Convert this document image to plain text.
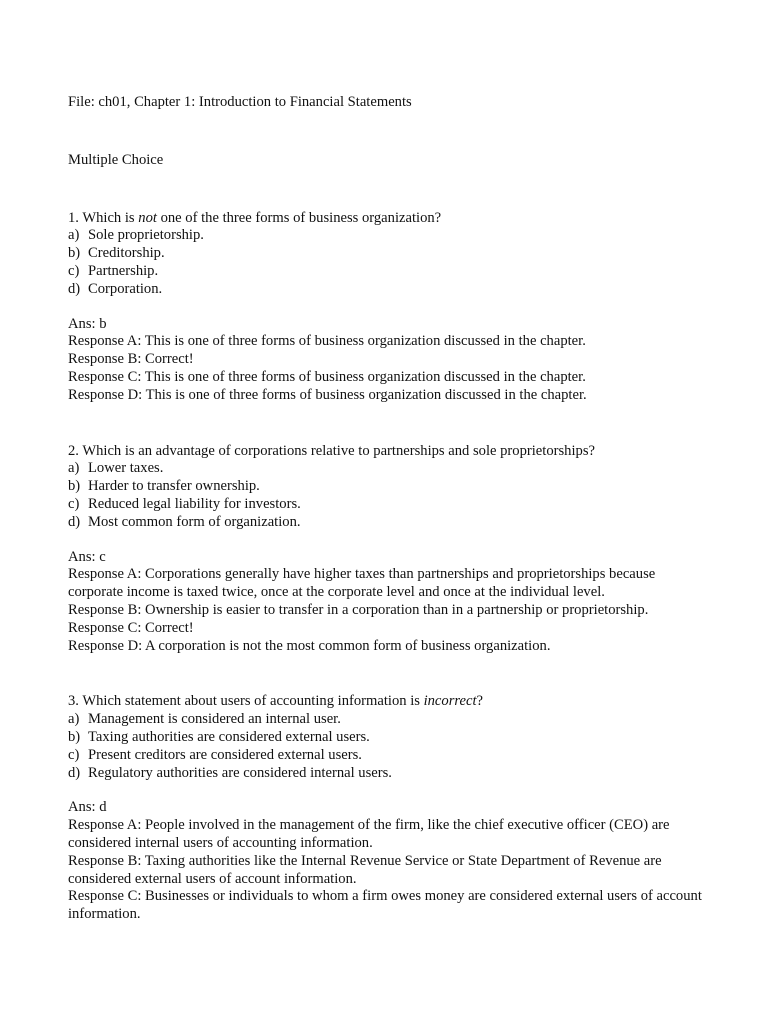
File: ch01, Chapter 1: Introduction to Financial Statements
Multiple Choice
1. Which is not one of the three forms of business organization?
a) Sole proprietorship.
b) Creditorship.
c) Partnership.
d) Corporation.
Ans: b
Response A: This is one of three forms of business organization discussed in the chapter.
Response B: Correct!
Response C: This is one of three forms of business organization discussed in the chapter.
Response D: This is one of three forms of business organization discussed in the chapter.
2. Which is an advantage of corporations relative to partnerships and sole proprietorships?
a) Lower taxes.
b) Harder to transfer ownership.
c) Reduced legal liability for investors.
d) Most common form of organization.
Ans: c
Response A: Corporations generally have higher taxes than partnerships and proprietorships because corporate income is taxed twice, once at the corporate level and once at the individual level.
Response B: Ownership is easier to transfer in a corporation than in a partnership or proprietorship.
Response C: Correct!
Response D: A corporation is not the most common form of business organization.
3. Which statement about users of accounting information is incorrect?
a) Management is considered an internal user.
b) Taxing authorities are considered external users.
c) Present creditors are considered external users.
d) Regulatory authorities are considered internal users.
Ans: d
Response A: People involved in the management of the firm, like the chief executive officer (CEO) are considered internal users of accounting information.
Response B: Taxing authorities like the Internal Revenue Service or State Department of Revenue are considered external users of account information.
Response C: Businesses or individuals to whom a firm owes money are considered external users of account information.
